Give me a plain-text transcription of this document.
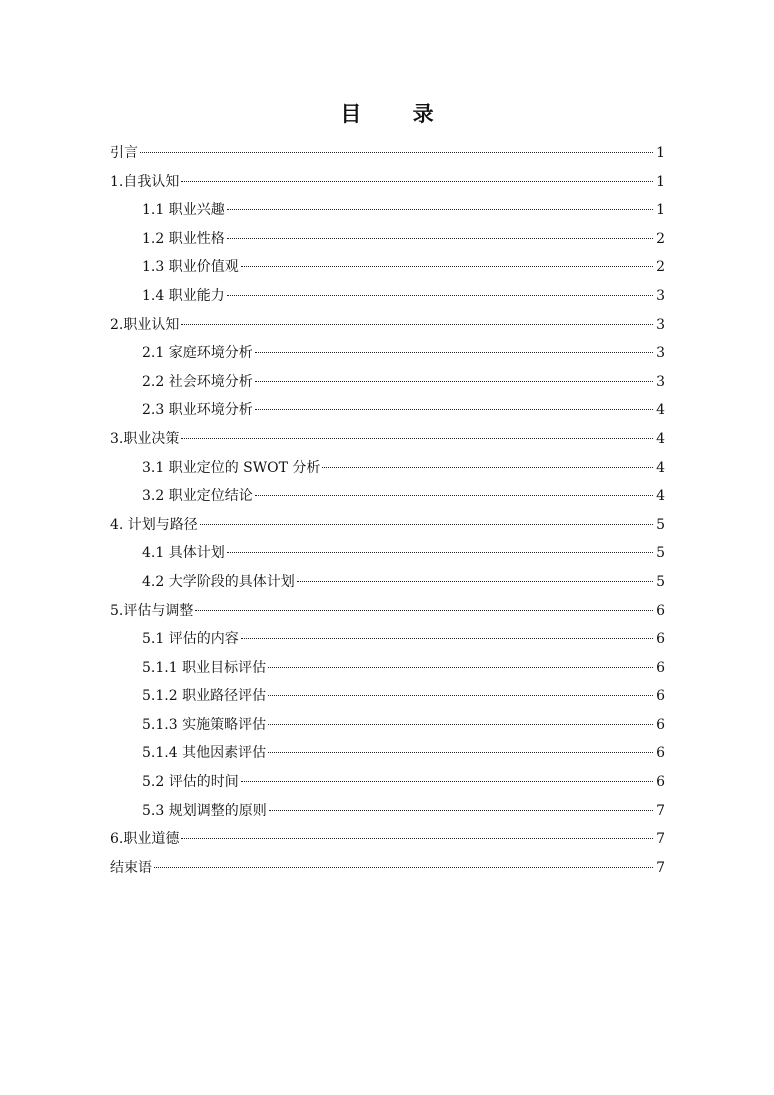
目 录
引言	1
1.自我认知	1
1.1 职业兴趣	1
1.2 职业性格	2
1.3 职业价值观	2
1.4 职业能力	3
2.职业认知	3
2.1 家庭环境分析	3
2.2 社会环境分析	3
2.3 职业环境分析	4
3.职业决策	4
3.1 职业定位的 SWOT 分析	4
3.2 职业定位结论	4
4. 计划与路径	5
4.1 具体计划	5
4.2 大学阶段的具体计划	5
5.评估与调整	6
5.1 评估的内容	6
5.1.1 职业目标评估	6
5.1.2 职业路径评估	6
5.1.3 实施策略评估	6
5.1.4 其他因素评估	6
5.2 评估的时间	6
5.3 规划调整的原则	7
6.职业道德	7
结束语	7
